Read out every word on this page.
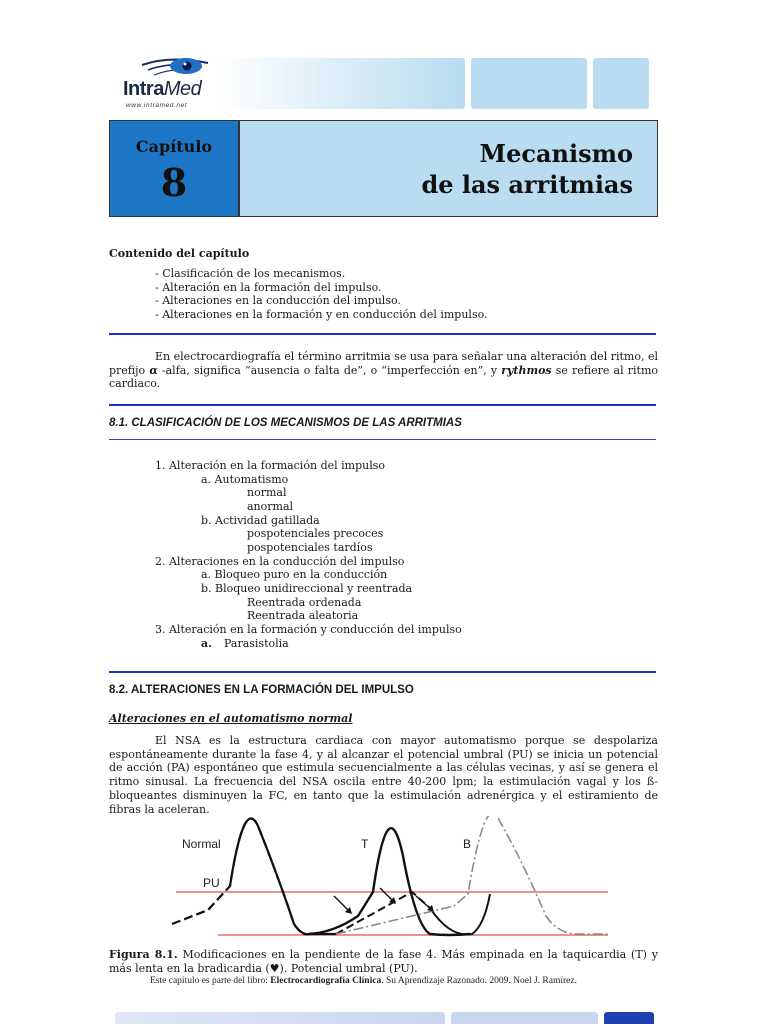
IntraMed
www.intramed.net
Capítulo
8
Mecanismo
de las arritmias
Contenido del capítulo
- Clasificación de los mecanismos.
- Alteración en la formación del impulso.
- Alteraciones en la conducción del impulso.
- Alteraciones en la formación y en conducción del impulso.
En electrocardiografía el término arritmia se usa para señalar una alteración del ritmo, el prefijo α -alfa, significa “ausencia o falta de”, o “imperfección en”, y rythmos se refiere al ritmo cardiaco.
8.1. CLASIFICACIÓN DE LOS MECANISMOS DE LAS ARRITMIAS
1. Alteración en la formación del impulso
a. Automatismo
normal
anormal
b. Actividad gatillada
pospotenciales precoces
pospotenciales tardíos
2. Alteraciones en la conducción del impulso
a. Bloqueo puro en la conducción
b. Bloqueo unidireccional y reentrada
Reentrada ordenada
Reentrada aleatoria
3. Alteración en la formación y conducción del impulso
a. Parasistolia
8.2. ALTERACIONES EN LA FORMACIÓN DEL IMPULSO
Alteraciones en el automatismo normal
El NSA es la estructura cardiaca con mayor automatismo porque se despolariza espontáneamente durante la fase 4, y al alcanzar el potencial umbral (PU) se inicia un potencial de acción (PA) espontáneo que estimula secuencialmente a las células vecinas, y así se genera el ritmo sinusal. La frecuencia del NSA oscila entre 40-200 lpm; la estimulación vagal y los ß-bloqueantes disminuyen la FC, en tanto que la estimulación adrenérgica y el estiramiento de fibras la aceleran.
Normal	T	B
PU
Figura 8.1. Modificaciones en la pendiente de la fase 4. Más empinada en la taquicardia (T) y más lenta en la bradicardia (♥). Potencial umbral (PU).
Este capítulo es parte del libro: Electrocardiografía Clínica. Su Aprendizaje Razonado. 2009. Noel J. Ramírez.
